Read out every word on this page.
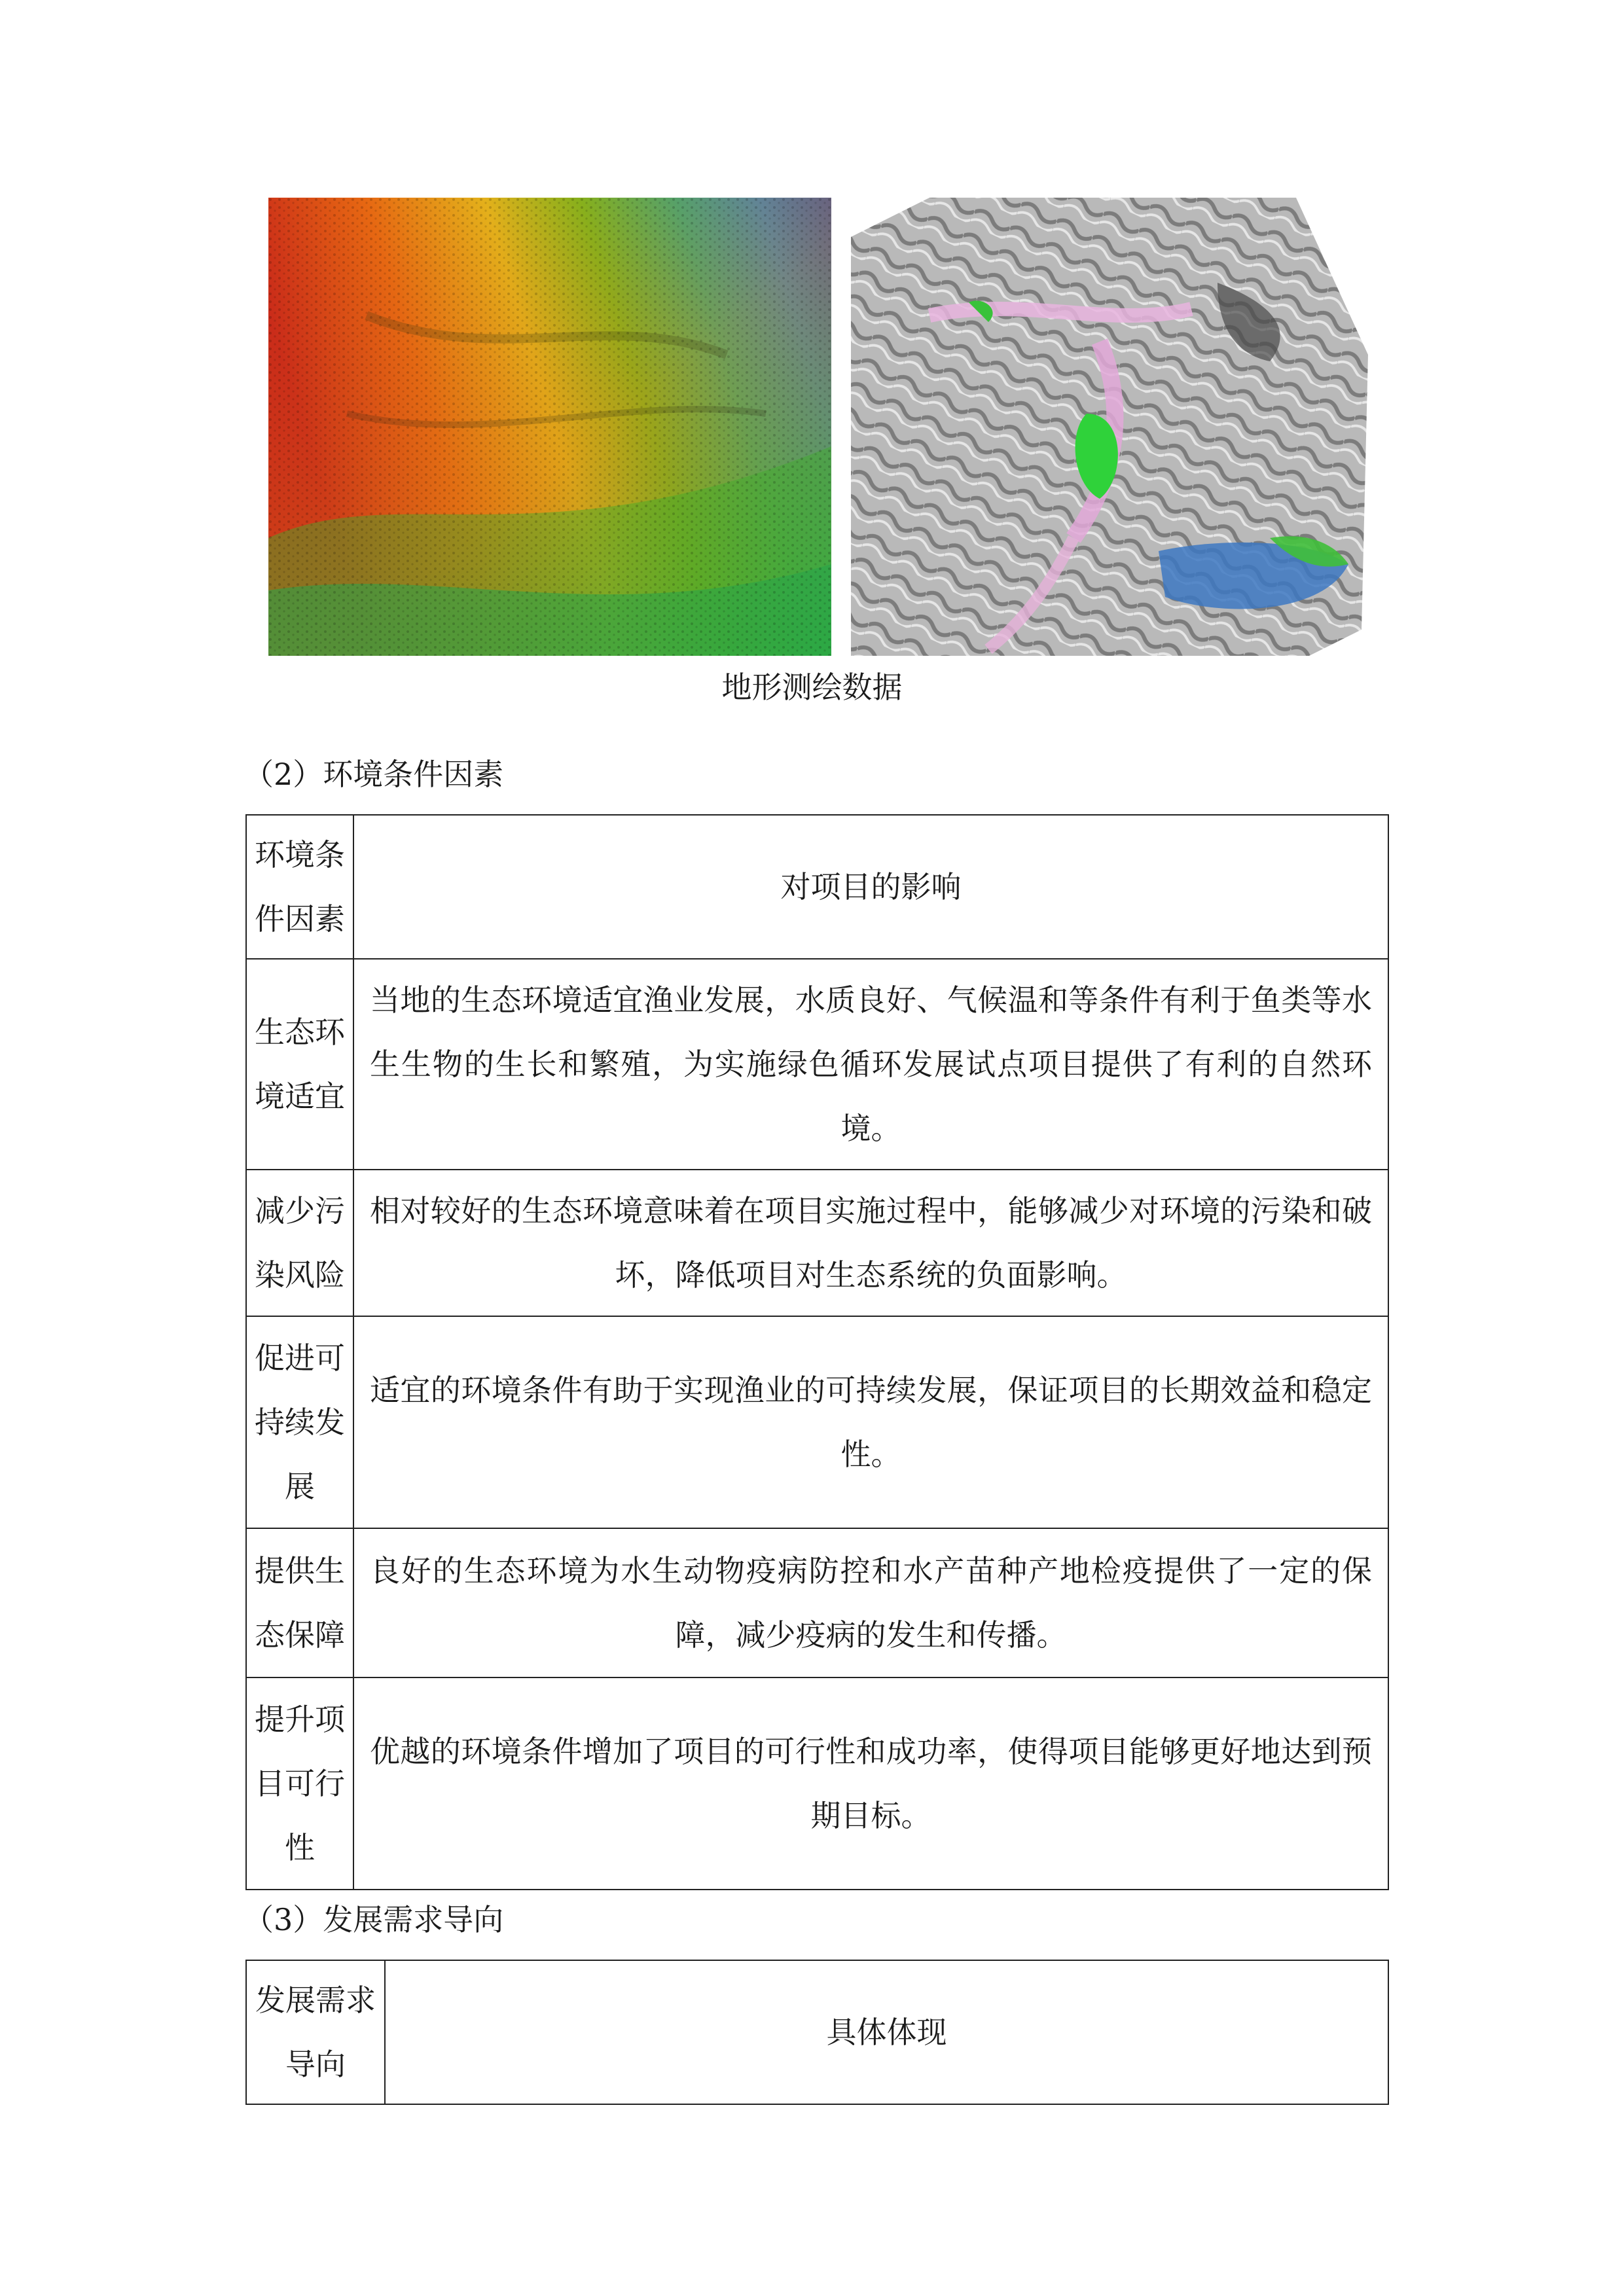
地形测绘数据
（2）环境条件因素
环境条件因素	对项目的影响
生态环境适宜	当地的生态环境适宜渔业发展，水质良好、气候温和等条件有利于鱼类等水生生物的生长和繁殖，为实施绿色循环发展试点项目提供了有利的自然环境。

减少污染风险	相对较好的生态环境意味着在项目实施过程中，能够减少对环境的污染和破坏，降低项目对生态系统的负面影响。

促进可持续发展	适宜的环境条件有助于实现渔业的可持续发展，保证项目的长期效益和稳定性。

提供生态保障	良好的生态环境为水生动物疫病防控和水产苗种产地检疫提供了一定的保障，减少疫病的发生和传播。

提升项目可行性	优越的环境条件增加了项目的可行性和成功率，使得项目能够更好地达到预期目标。
（3）发展需求导向
发展需求导向	具体体现
